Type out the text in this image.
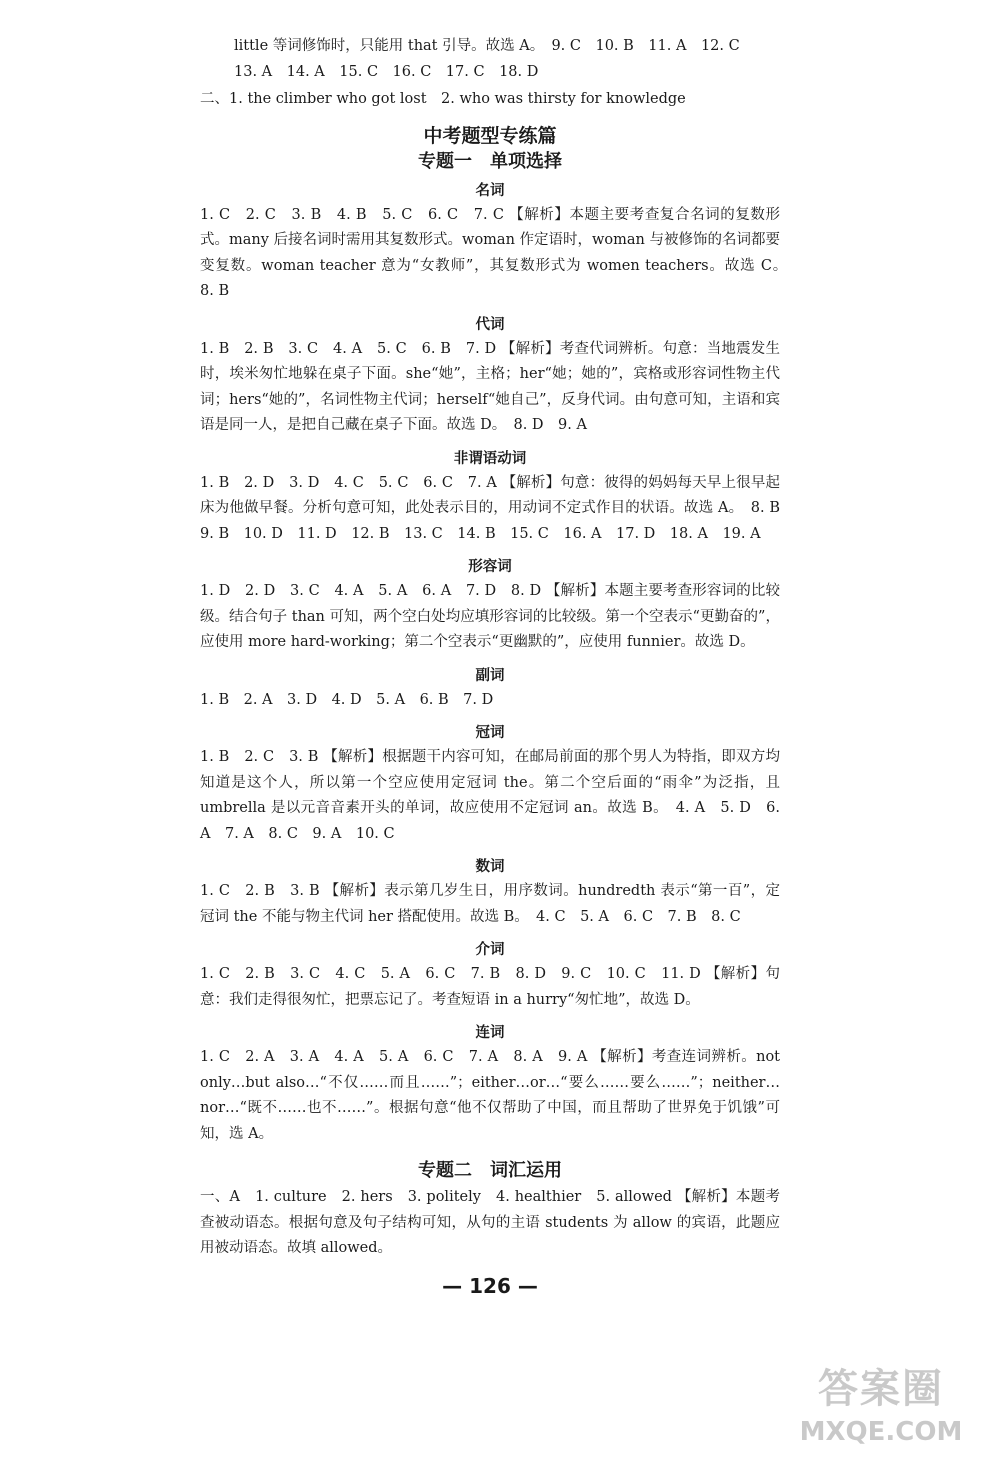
little 等词修饰时，只能用 that 引导。故选 A。　9. C　10. B　11. A　12. C

13. A　14. A　15. C　16. C　17. C　18. D

二、1. the climber who got lost　2. who was thirsty for knowledge

中考题型专练篇
专题一　单项选择
名词

1. C　2. C　3. B　4. B　5. C　6. C　7. C 【解析】本题主要考查复合名词的复数形式。many 后接名词时需用其复数形式。woman 作定语时，woman 与被修饰的名词都要变复数。woman teacher 意为“女教师”，其复数形式为 women teachers。故选 C。　8. B

代词

1. B　2. B　3. C　4. A　5. C　6. B　7. D 【解析】考查代词辨析。句意：当地震发生时，埃米匆忙地躲在桌子下面。she“她”，主格；her“她；她的”，宾格或形容词性物主代词；hers“她的”，名词性物主代词；herself“她自己”，反身代词。由句意可知，主语和宾语是同一人，是把自己藏在桌子下面。故选 D。　8. D　9. A

非谓语动词

1. B　2. D　3. D　4. C　5. C　6. C　7. A 【解析】句意：彼得的妈妈每天早上很早起床为他做早餐。分析句意可知，此处表示目的，用动词不定式作目的状语。故选 A。　8. B　9. B　10. D　11. D　12. B　13. C　14. B　15. C　16. A　17. D　18. A　19. A

形容词

1. D　2. D　3. C　4. A　5. A　6. A　7. D　8. D 【解析】本题主要考查形容词的比较级。结合句子 than 可知，两个空白处均应填形容词的比较级。第一个空表示“更勤奋的”，应使用 more hard-working；第二个空表示“更幽默的”，应使用 funnier。故选 D。

副词

1. B　2. A　3. D　4. D　5. A　6. B　7. D

冠词

1. B　2. C　3. B 【解析】根据题干内容可知，在邮局前面的那个男人为特指，即双方均知道是这个人，所以第一个空应使用定冠词 the。第二个空后面的“雨伞”为泛指，且 umbrella 是以元音音素开头的单词，故应使用不定冠词 an。故选 B。　4. A　5. D　6. A　7. A　8. C　9. A　10. C

数词

1. C　2. B　3. B 【解析】表示第几岁生日，用序数词。hundredth 表示“第一百”，定冠词 the 不能与物主代词 her 搭配使用。故选 B。　4. C　5. A　6. C　7. B　8. C

介词

1. C　2. B　3. C　4. C　5. A　6. C　7. B　8. D　9. C　10. C　11. D 【解析】句意：我们走得很匆忙，把票忘记了。考查短语 in a hurry“匆忙地”，故选 D。

连词

1. C　2. A　3. A　4. A　5. A　6. C　7. A　8. A　9. A 【解析】考查连词辨析。not only…but also…“不仅……而且……”；either…or…“要么……要么……”；neither…nor…“既不……也不……”。根据句意“他不仅帮助了中国，而且帮助了世界免于饥饿”可知，选 A。

专题二　词汇运用

一、A　1. culture　2. hers　3. politely　4. healthier　5. allowed 【解析】本题考查被动语态。根据句意及句子结构可知，从句的主语 students 为 allow 的宾语，此题应用被动语态。故填 allowed。

— 126 —
答案圈
MXQE.COM
